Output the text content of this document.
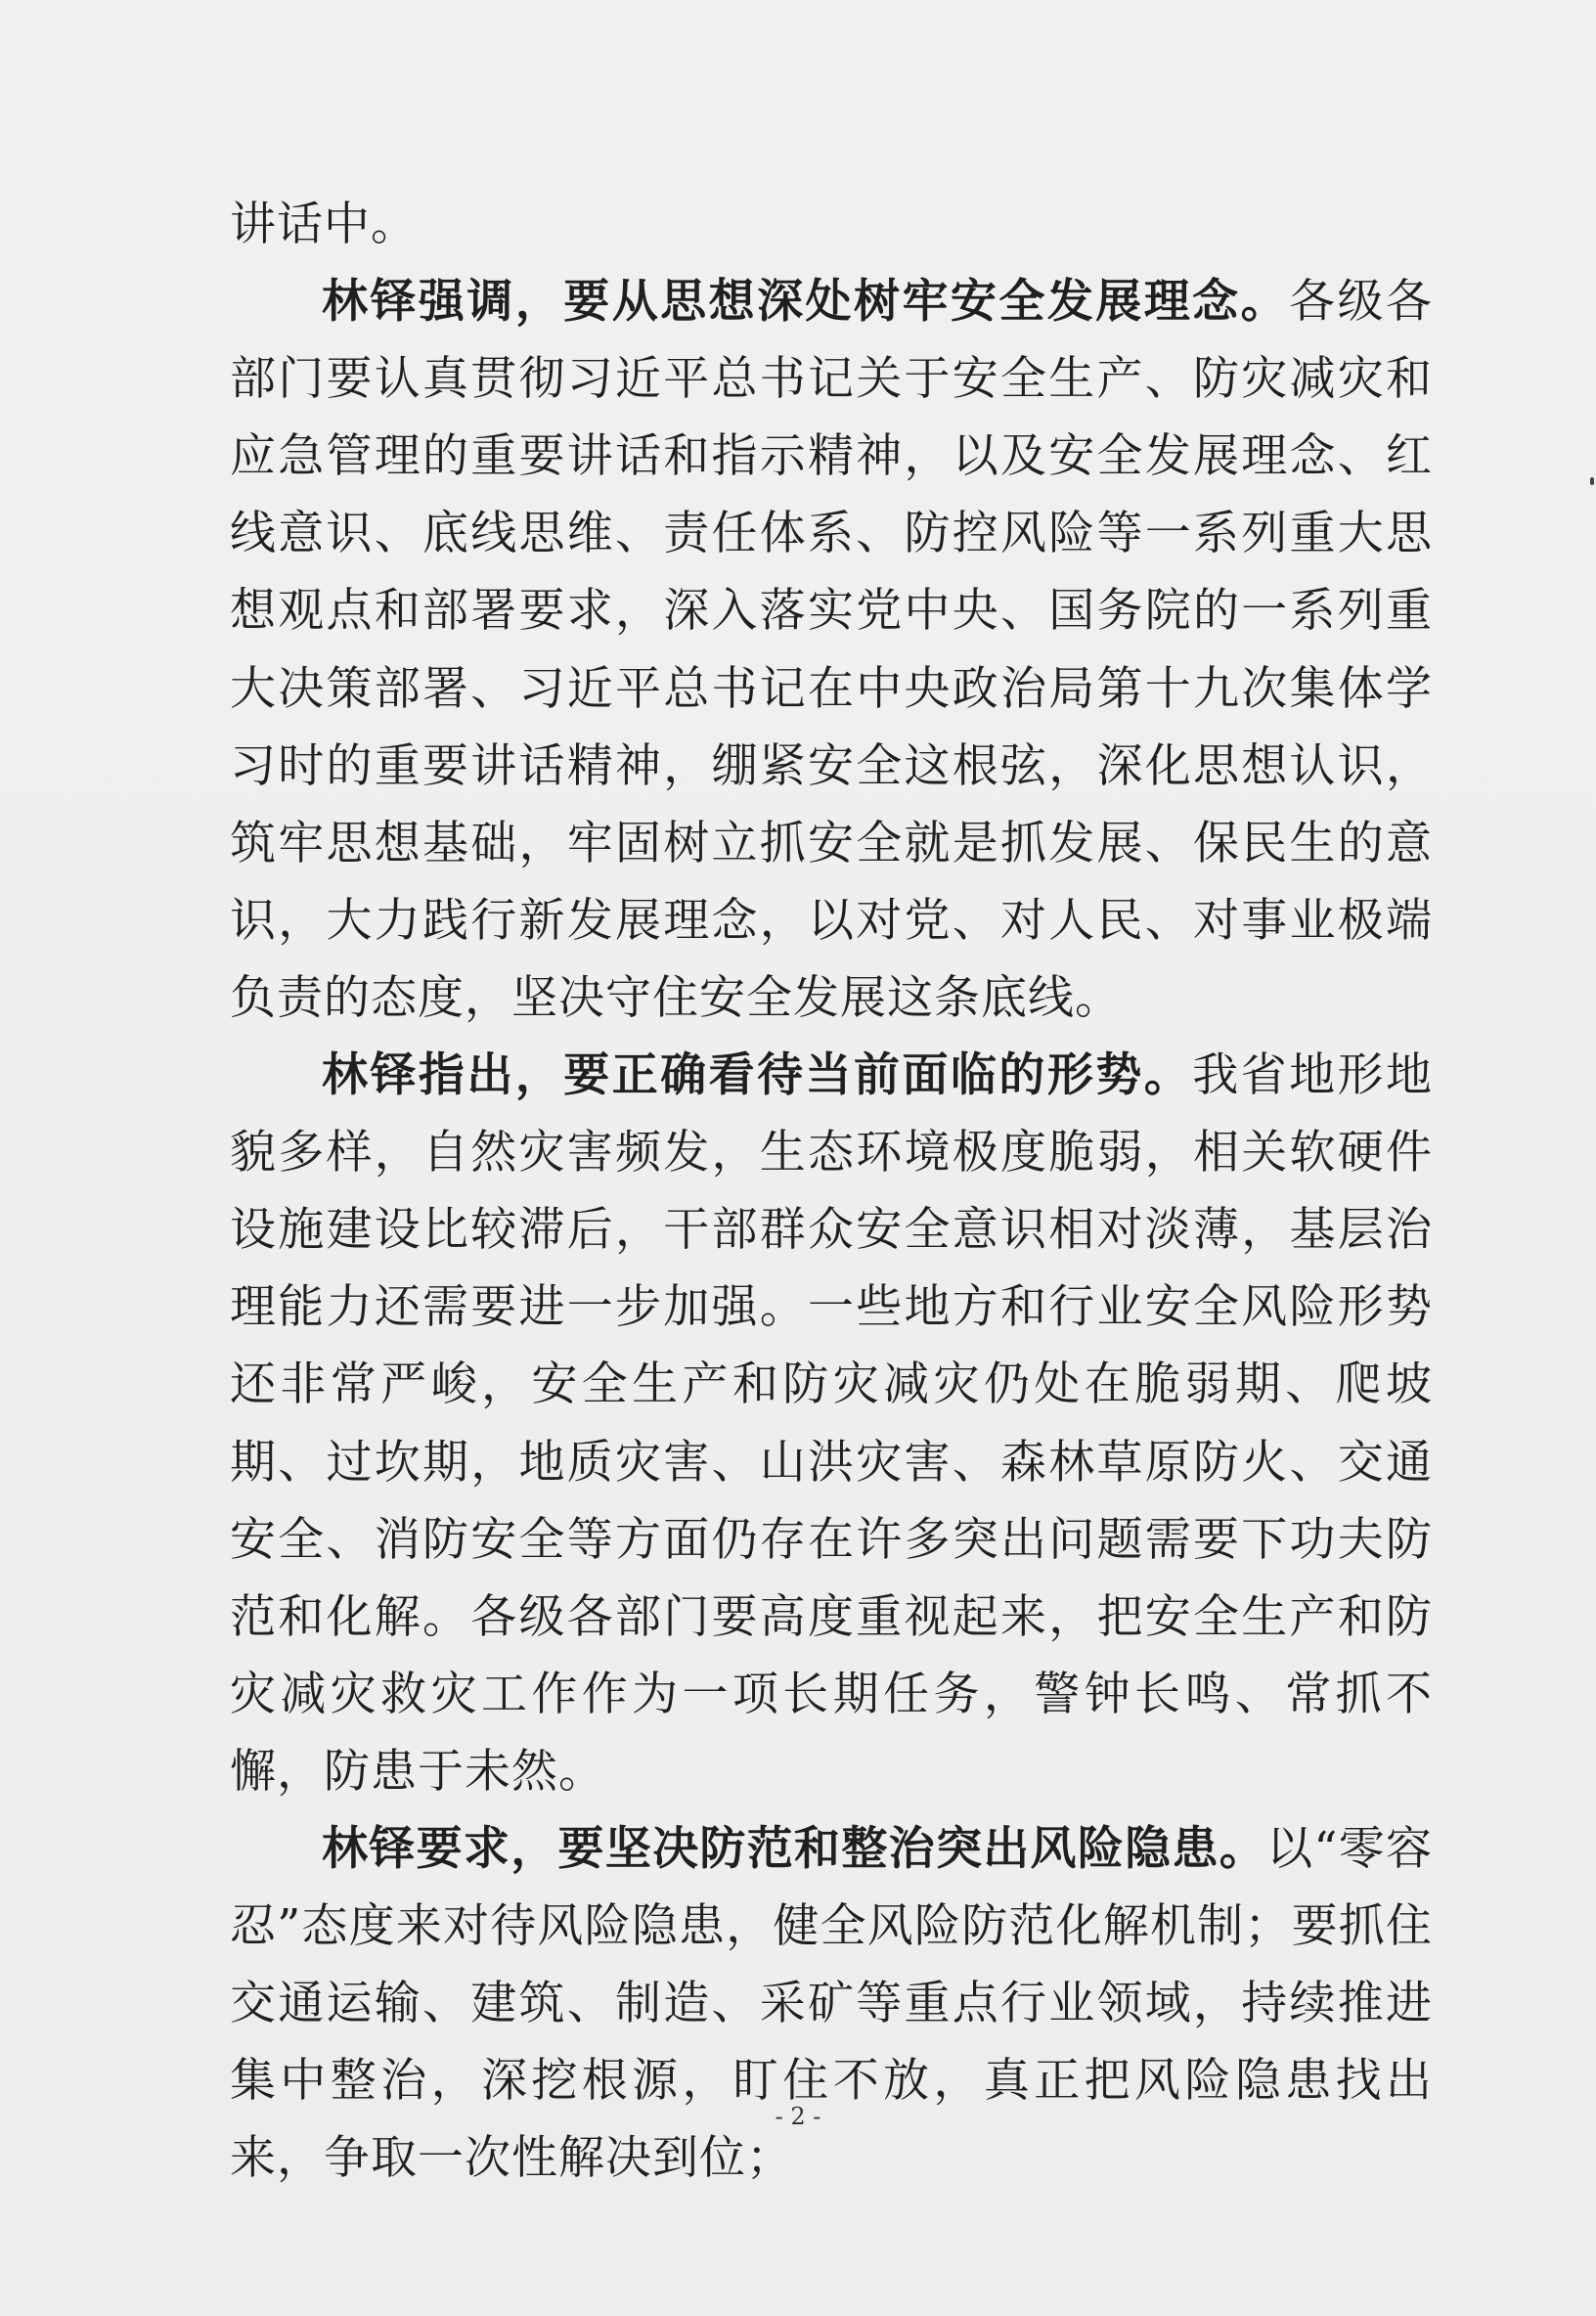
讲话中。

林铎强调，要从思想深处树牢安全发展理念。各级各部门要认真贯彻习近平总书记关于安全生产、防灾减灾和应急管理的重要讲话和指示精神，以及安全发展理念、红线意识、底线思维、责任体系、防控风险等一系列重大思想观点和部署要求，深入落实党中央、国务院的一系列重大决策部署、习近平总书记在中央政治局第十九次集体学习时的重要讲话精神，绷紧安全这根弦，深化思想认识，筑牢思想基础，牢固树立抓安全就是抓发展、保民生的意识，大力践行新发展理念，以对党、对人民、对事业极端负责的态度，坚决守住安全发展这条底线。

林铎指出，要正确看待当前面临的形势。我省地形地貌多样，自然灾害频发，生态环境极度脆弱，相关软硬件设施建设比较滞后，干部群众安全意识相对淡薄，基层治理能力还需要进一步加强。一些地方和行业安全风险形势还非常严峻，安全生产和防灾减灾仍处在脆弱期、爬坡期、过坎期，地质灾害、山洪灾害、森林草原防火、交通安全、消防安全等方面仍存在许多突出问题需要下功夫防范和化解。各级各部门要高度重视起来，把安全生产和防灾减灾救灾工作作为一项长期任务，警钟长鸣、常抓不懈，防患于未然。

林铎要求，要坚决防范和整治突出风险隐患。以“零容忍”态度来对待风险隐患，健全风险防范化解机制；要抓住交通运输、建筑、制造、采矿等重点行业领域，持续推进集中整治，深挖根源，盯住不放，真正把风险隐患找出来，争取一次性解决到位；

- 2 -
